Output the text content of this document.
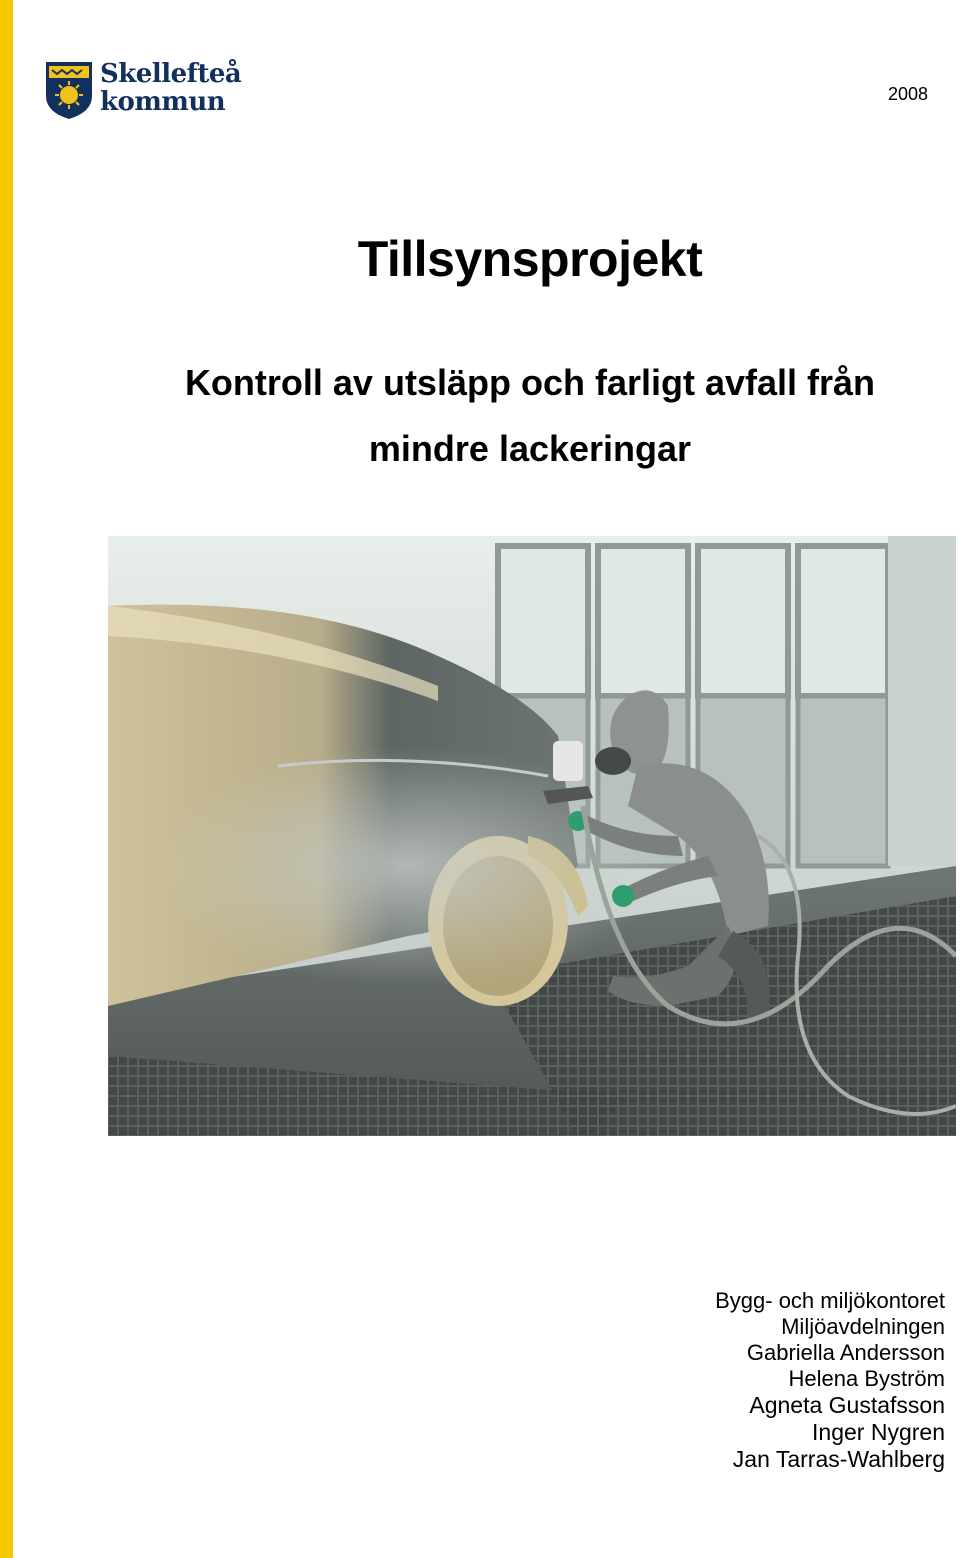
Skellefteå
kommun	2008
Tillsynsprojekt
Kontroll av utsläpp och farligt avfall från
mindre lackeringar
Bygg- och miljökontoret
Miljöavdelningen
Gabriella Andersson
Helena Byström
Agneta Gustafsson
Inger Nygren
Jan Tarras-Wahlberg
